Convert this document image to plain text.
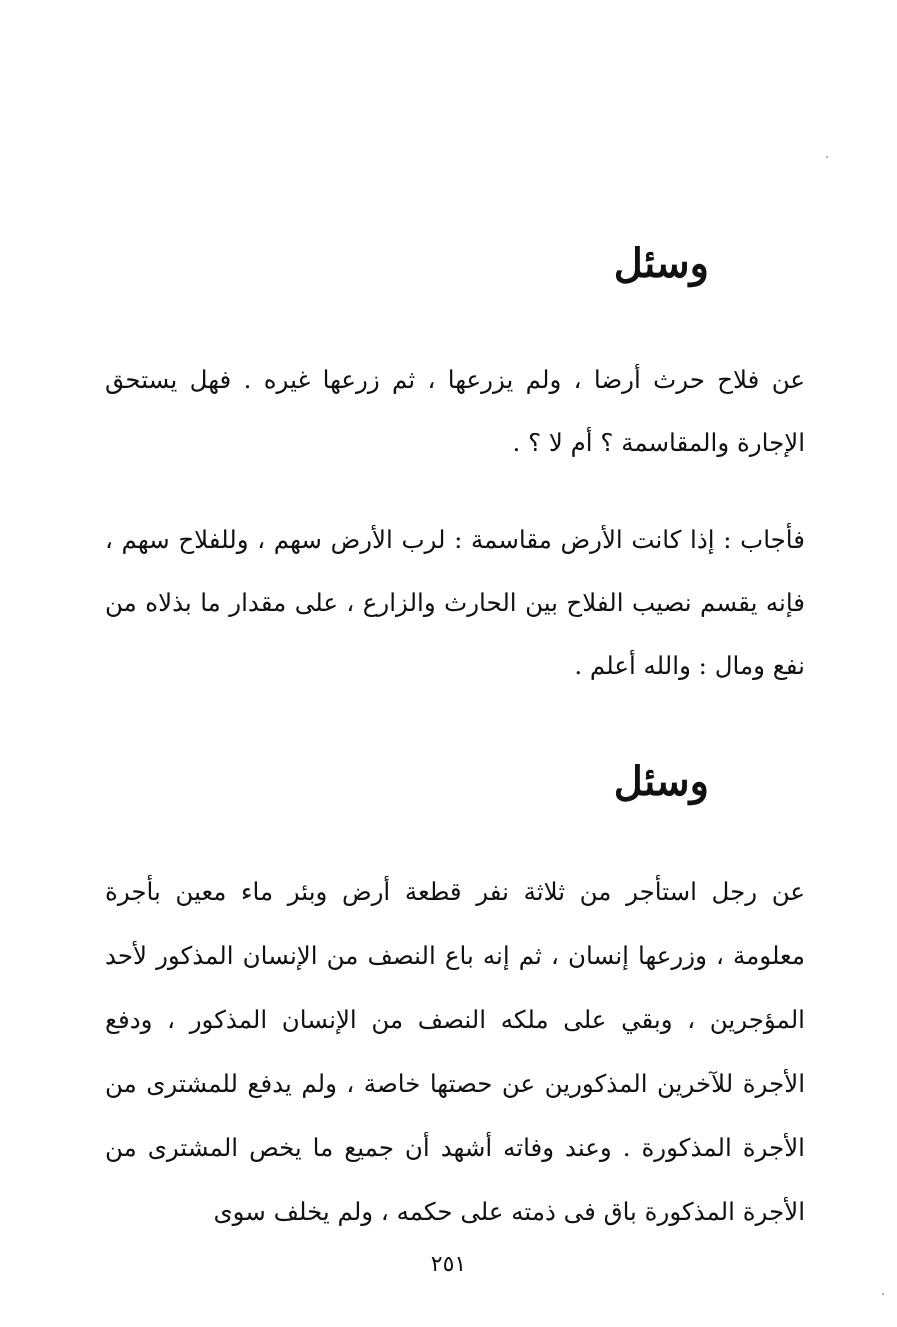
وسئل
عن فلاح حرث أرضا ، ولم يزرعها ، ثم زرعها غيره . فهل يستحق الإجارة والمقاسمة ؟ أم لا ؟ .
فأجاب : إذا كانت الأرض مقاسمة : لرب الأرض سهم ، وللفلاح سهم ، فإنه يقسم نصيب الفلاح بين الحارث والزارع ، على مقدار ما بذلاه من نفع ومال : والله أعلم .
وسئل
عن رجل استأجر من ثلاثة نفر قطعة أرض وبئر ماء معين بأجرة معلومة ، وزرعها إنسان ، ثم إنه باع النصف من الإنسان المذكور لأحد المؤجرين ، وبقي على ملكه النصف من الإنسان المذكور ، ودفع الأجرة للآخرين المذكورين عن حصتها خاصة ، ولم يدفع للمشترى من الأجرة المذكورة . وعند وفاته أشهد أن جميع ما يخص المشترى من الأجرة المذكورة باق فى ذمته على حكمه ، ولم يخلف سوى
٢٥١
